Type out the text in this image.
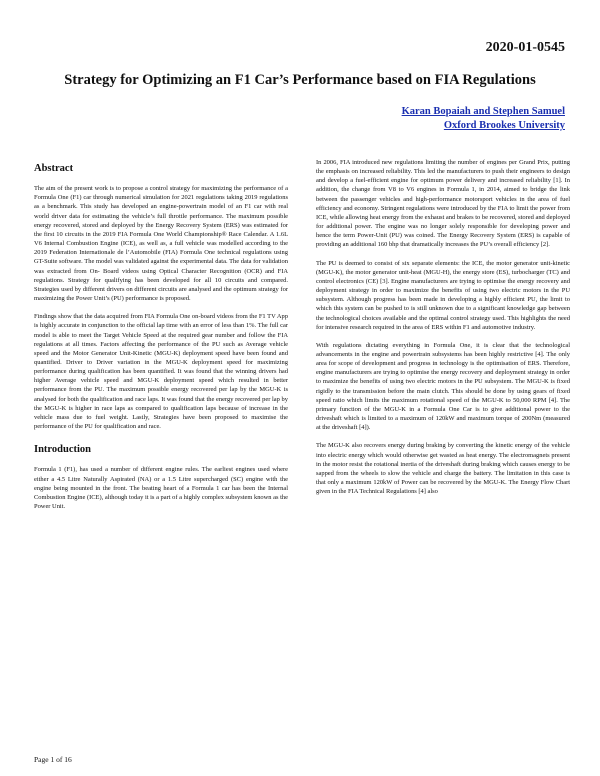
2020-01-0545
Strategy for Optimizing an F1 Car’s Performance based on FIA Regulations
Karan Bopaiah and Stephen Samuel
Oxford Brookes University
Abstract

The aim of the present work is to propose a control strategy for maximizing the performance of a Formula One (F1) car through numerical simulation for 2021 regulations taking 2019 regulations as a benchmark. This study has developed an engine-powertrain model of an F1 car with real world driver data for estimating the vehicle’s full throttle performance. The maximum possible energy recovered, stored and deployed by the Energy Recovery System (ERS) was estimated for the first 10 circuits in the 2019 FIA Formula One World Championship® Race Calendar. A 1.6L V6 Internal Combustion Engine (ICE), as well as, a full vehicle was modelled according to the 2019 Federation Internationale de l’Automobile (FIA) Formula One technical regulations using GT-Suite software. The model was validated against the experimental data. The data for validation was extracted from On- Board videos using Optical Character Recognition (OCR) and FIA regulations. Strategy for qualifying has been developed for all 10 circuits and compared. Strategies used by different drivers on different circuits are analysed and the optimum strategy for maximizing the Power Unit’s (PU) performance is proposed.

Findings show that the data acquired from FIA Formula One on-board videos from the F1 TV App is highly accurate in conjunction to the official lap time with an error of less than 1%. The full car model is able to meet the Target Vehicle Speed at the required gear number and follow the FIA regulations at all times. Factors affecting the performance of the PU such as Average vehicle speed and the Motor Generator Unit-Kinetic (MGU-K) deployment speed have been found and quantified. Driver to Driver variation in the MGU-K deployment speed for maximizing performance during qualification has been quantified. It was found that the winning drivers had higher Average vehicle speed and MGU-K deployment speed which resulted in better performance from the PU. The maximum possible energy recovered per lap by the MGU-K is analysed for both the qualification and race laps. It was found that the energy recovered per lap by the MGU-K is higher in race laps as compared to qualification laps because of increase in the vehicle mass due to fuel weight. Lastly, Strategies have been proposed to maximise the performance of the PU for qualification and race.

Introduction

Formula 1 (F1), has used a number of different engine rules. The earliest engines used where either a 4.5 Litre Naturally Aspirated (NA) or a 1.5 Litre supercharged (SC) engine with the engine being mounted in the front. The beating heart of a Formula 1 car has been the Internal Combustion Engine (ICE), although today it is a part of a highly complex subsystem known as the Power Unit.

In 2006, FIA introduced new regulations limiting the number of engines per Grand Prix, putting the emphasis on increased reliability. This led the manufacturers to push their engineers to design and develop a fuel-efficient engine for optimum power delivery and increased reliability [1]. In addition, the change from V8 to V6 engines in Formula 1, in 2014, aimed to bridge the link between the passenger vehicles and high-performance motorsport vehicles in the area of fuel efficiency and economy. Stringent regulations were introduced by the FIA to limit the power from ICE, while allowing heat energy from the exhaust and brakes to be recovered, stored and deployed for additional power. The engine was no longer solely responsible for developing power and hence the term Power-Unit (PU) was coined. The Energy Recovery System (ERS) is capable of providing an additional 160 bhp that dramatically increases the PU’s overall efficiency [2].

The PU is deemed to consist of six separate elements: the ICE, the motor generator unit-kinetic (MGU-K), the motor generator unit-heat (MGU-H), the energy store (ES), turbocharger (TC) and control electronics (CE) [3]. Engine manufacturers are trying to optimise the energy recovery and deployment strategy in order to maximize the benefits of using two electric motors in the PU subsystem. Although progress has been made in developing a highly efficient PU, the limit to which this system can be pushed to is still unknown due to a significant knowledge gap between the technological choices available and the optimal control strategy used. This highlights the need for intensive research required in the area of ERS within F1 and automotive industry.

With regulations dictating everything in Formula One, it is clear that the technological advancements in the engine and powertrain subsystems has been highly restrictive [4]. The only area for scope of development and progress in technology is the optimisation of ERS. Therefore, engine manufacturers are trying to optimise the energy recovery and deployment strategy in order to maximize the benefits of using two electric motors in the PU subsystem. The MGU-K is fixed rigidly to the transmission before the main clutch. This should be done by using gears of fixed speed ratio which limits the maximum rotational speed of the MGU-K to 50,000 RPM [4]. The primary function of the MGU-K in a Formula One Car is to give additional power to the driveshaft which is limited to a maximum of 120kW and maximum torque of 200Nm (measured at the driveshaft [4]).

The MGU-K also recovers energy during braking by converting the kinetic energy of the vehicle into electric energy which would otherwise get wasted as heat energy. The electromagnets present in the motor resist the rotational inertia of the driveshaft during braking which causes energy to be sapped from the wheels to slow the vehicle and charge the battery. The limitation in this case is that only a maximum 120kW of Power can be recovered by the MGU-K. The Energy Flow Chart given in the FIA Technical Regulations [4] also

Page 1 of 16
